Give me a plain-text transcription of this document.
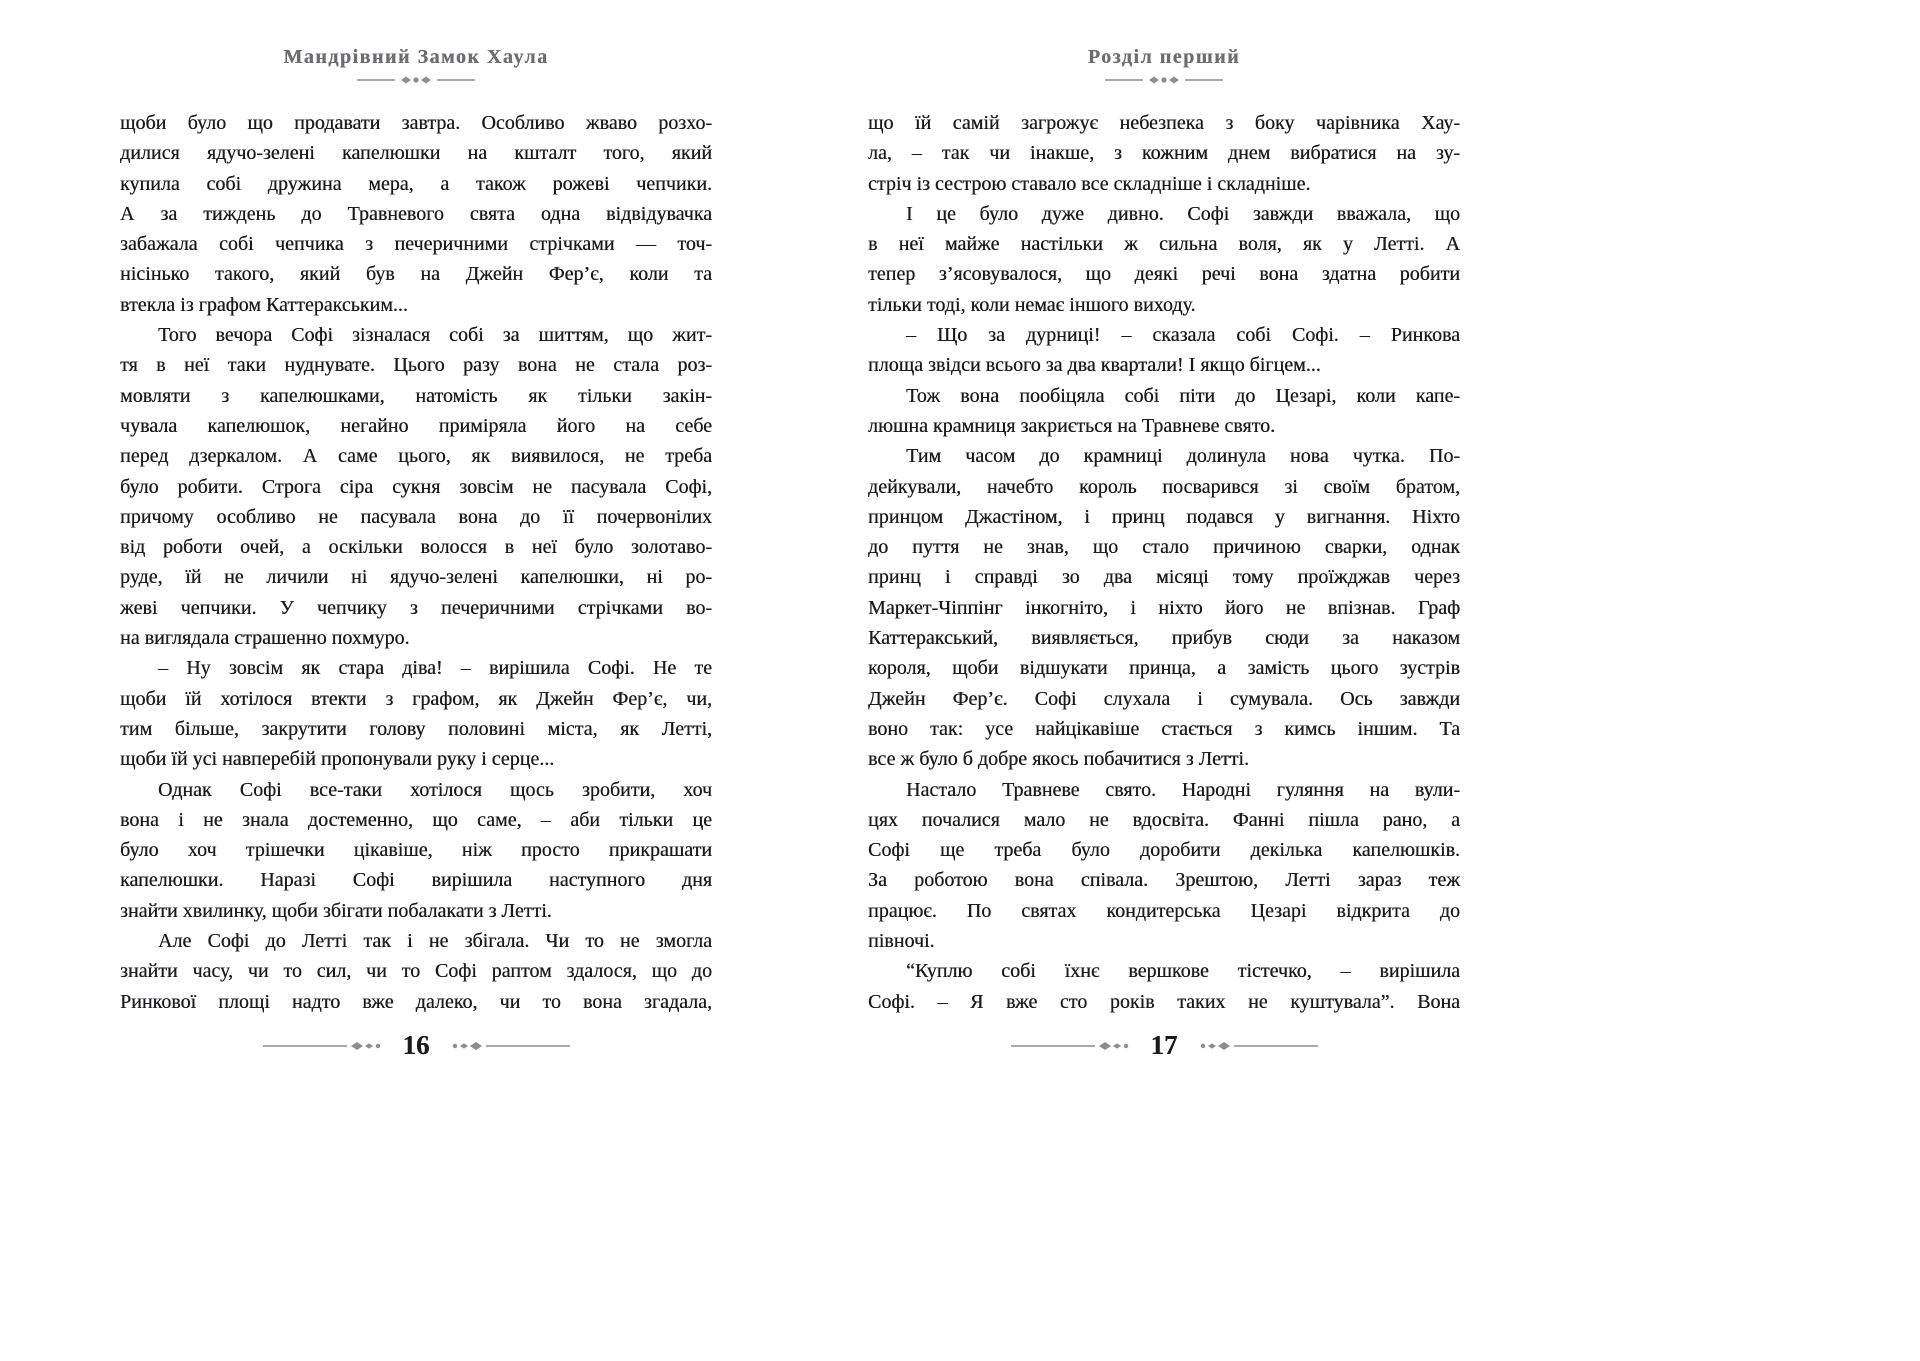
Мандрівний Замок Хаула
щоби було що продавати завтра. Особливо жваво розхо-
дилися ядучо-зелені капелюшки на кшталт того, який
купила собі дружина мера, а також рожеві чепчики.
А за тиждень до Травневого свята одна відвідувачка
забажала собі чепчика з печеричними стрічками — точ-
нісінько такого, який був на Джейн Фер’є, коли та
втекла із графом Каттеракським...
Того вечора Софі зізналася собі за шиттям, що жит-
тя в неї таки нуднувате. Цього разу вона не стала роз-
мовляти з капелюшками, натомість як тільки закін-
чувала капелюшок, негайно приміряла його на себе
перед дзеркалом. А саме цього, як виявилося, не треба
було робити. Строга сіра сукня зовсім не пасувала Софі,
причому особливо не пасувала вона до її почервонілих
від роботи очей, а оскільки волосся в неї було золотаво-
руде, їй не личили ні ядучо-зелені капелюшки, ні ро-
жеві чепчики. У чепчику з печеричними стрічками во-
на виглядала страшенно похмуро.
– Ну зовсім як стара діва! – вирішила Софі. Не те
щоби їй хотілося втекти з графом, як Джейн Фер’є, чи,
тим більше, закрутити голову половині міста, як Летті,
щоби їй усі навперебій пропонували руку і серце...
Однак Софі все-таки хотілося щось зробити, хоч
вона і не знала достеменно, що саме, – аби тільки це
було хоч трішечки цікавіше, ніж просто прикрашати
капелюшки. Наразі Софі вирішила наступного дня
знайти хвилинку, щоби збігати побалакати з Летті.
Але Софі до Летті так і не збігала. Чи то не змогла
знайти часу, чи то сил, чи то Софі раптом здалося, що до
Ринкової площі надто вже далеко, чи то вона згадала,
16
Розділ перший
що їй самій загрожує небезпека з боку чарівника Хау-
ла, – так чи інакше, з кожним днем вибратися на зу-
стріч із сестрою ставало все складніше і складніше.
І це було дуже дивно. Софі завжди вважала, що
в неї майже настільки ж сильна воля, як у Летті. А
тепер з’ясовувалося, що деякі речі вона здатна робити
тільки тоді, коли немає іншого виходу.
– Що за дурниці! – сказала собі Софі. – Ринкова
площа звідси всього за два квартали! І якщо бігцем...
Тож вона пообіцяла собі піти до Цезарі, коли капе-
люшна крамниця закриється на Травневе свято.
Тим часом до крамниці долинула нова чутка. По-
дейкували, начебто король посварився зі своїм братом,
принцом Джастіном, і принц подався у вигнання. Ніхто
до пуття не знав, що стало причиною сварки, однак
принц і справді зо два місяці тому проїжджав через
Маркет-Чіппінг інкогніто, і ніхто його не впізнав. Граф
Каттеракський, виявляється, прибув сюди за наказом
короля, щоби відшукати принца, а замість цього зустрів
Джейн Фер’є. Софі слухала і сумувала. Ось завжди
воно так: усе найцікавіше стається з кимсь іншим. Та
все ж було б добре якось побачитися з Летті.
Настало Травневе свято. Народні гуляння на вули-
цях почалися мало не вдосвіта. Фанні пішла рано, а
Софі ще треба було доробити декілька капелюшків.
За роботою вона співала. Зрештою, Летті зараз теж
працює. По святах кондитерська Цезарі відкрита до
півночі.
“Куплю собі їхнє вершкове тістечко, – вирішила
Софі. – Я вже сто років таких не куштувала”. Вона
17
